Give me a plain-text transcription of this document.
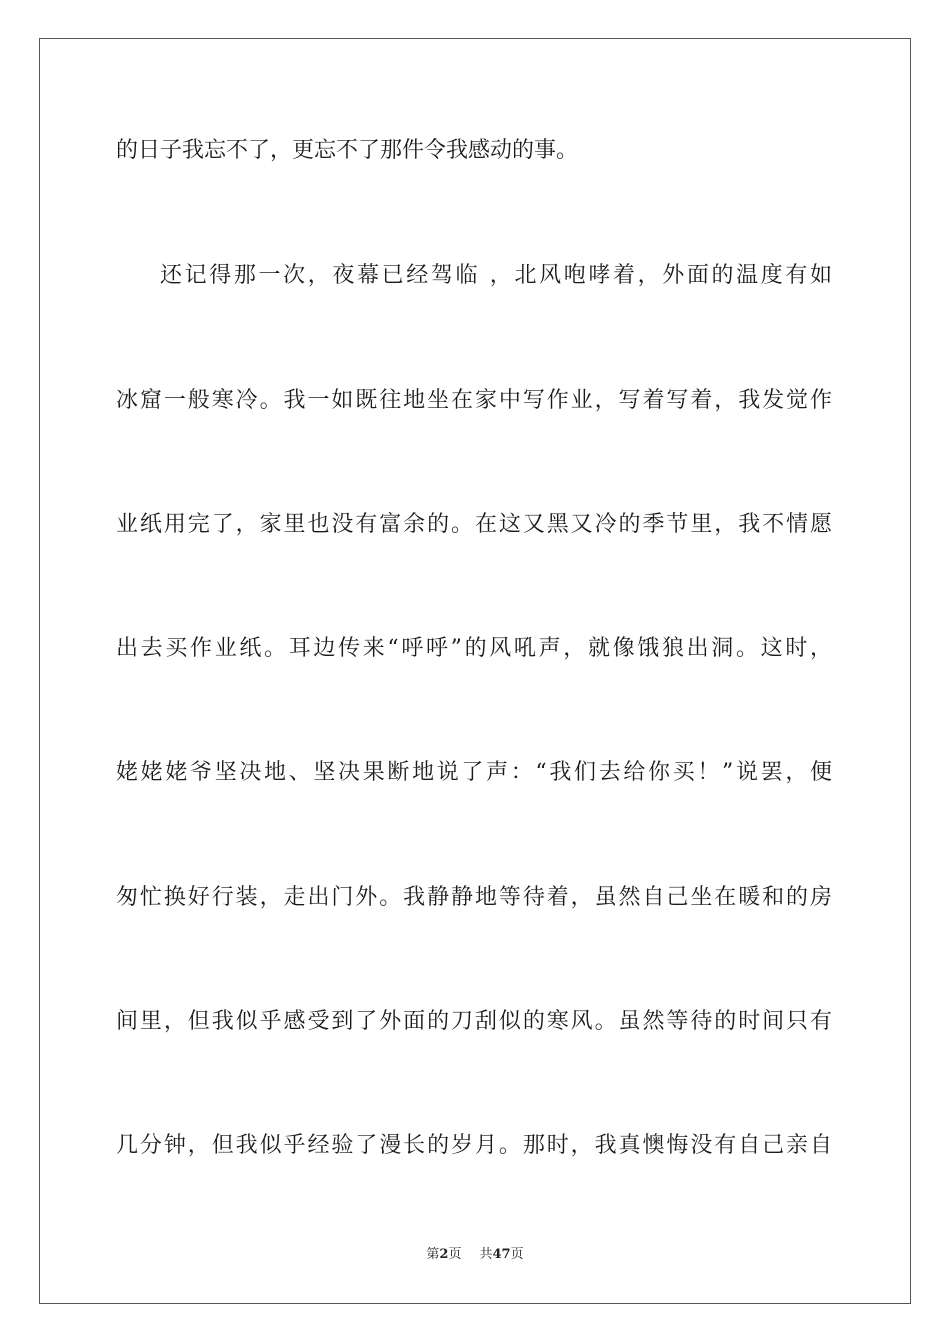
的日子我忘不了，更忘不了那件令我感动的事。
还记得那一次，夜幕已经驾临 ，北风咆哮着，外面的温度有如
冰窟一般寒冷。我一如既往地坐在家中写作业，写着写着，我发觉作
业纸用完了，家里也没有富余的。在这又黑又冷的季节里，我不情愿
出去买作业纸。耳边传来“呼呼”的风吼声，就像饿狼出洞。这时，
姥姥姥爷坚决地、坚决果断地说了声：“我们去给你买！”说罢，便
匆忙换好行装，走出门外。我静静地等待着，虽然自己坐在暖和的房
间里，但我似乎感受到了外面的刀刮似的寒风。虽然等待的时间只有
几分钟，但我似乎经验了漫长的岁月。那时，我真懊悔没有自己亲自
第2页 共47页
